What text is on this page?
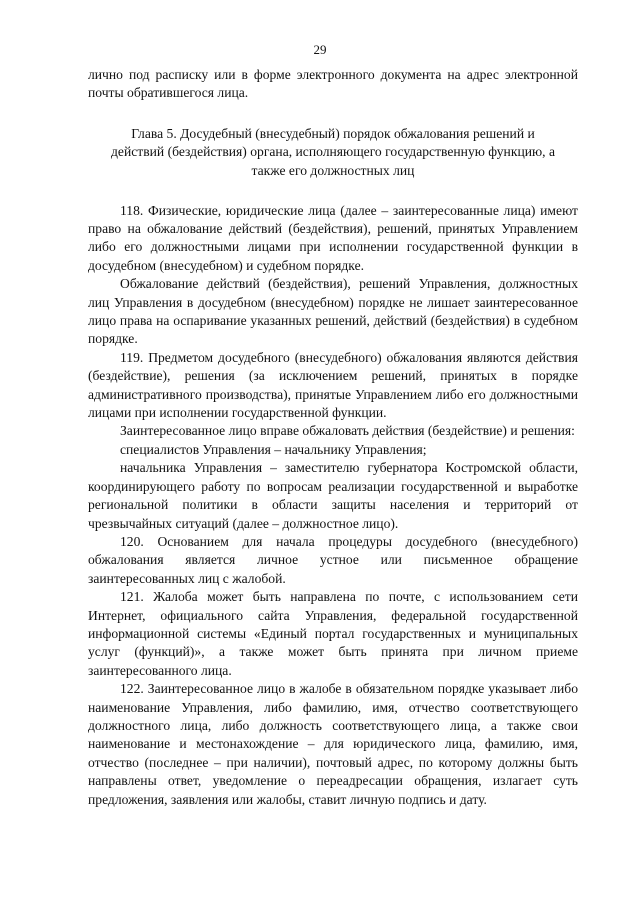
29

лично под расписку или в форме электронного документа на адрес электронной почты обратившегося лица.

Глава 5. Досудебный (внесудебный) порядок обжалования решений и действий (бездействия) органа, исполняющего государственную функцию, а также его должностных лиц

118. Физические, юридические лица (далее – заинтересованные лица) имеют право на обжалование действий (бездействия), решений, принятых Управлением либо его должностными лицами при исполнении государственной функции в досудебном (внесудебном) и судебном порядке.

Обжалование действий (бездействия), решений Управления, должностных лиц Управления в досудебном (внесудебном) порядке не лишает заинтересованное лицо права на оспаривание указанных решений, действий (бездействия) в судебном порядке.

119. Предметом досудебного (внесудебного) обжалования являются действия (бездействие), решения (за исключением решений, принятых в порядке административного производства), принятые Управлением либо его должностными лицами при исполнении государственной функции.

Заинтересованное лицо вправе обжаловать действия (бездействие) и решения:

специалистов Управления – начальнику Управления;

начальника Управления – заместителю губернатора Костромской области, координирующего работу по вопросам реализации государственной и выработке региональной политики в области защиты населения и территорий от чрезвычайных ситуаций (далее – должностное лицо).

120. Основанием для начала процедуры досудебного (внесудебного) обжалования является личное устное или письменное обращение заинтересованных лиц с жалобой.

121. Жалоба может быть направлена по почте, с использованием сети Интернет, официального сайта Управления, федеральной государственной информационной системы «Единый портал государственных и муниципальных услуг (функций)», а также может быть принята при личном приеме заинтересованного лица.

122. Заинтересованное лицо в жалобе в обязательном порядке указывает либо наименование Управления, либо фамилию, имя, отчество соответствующего должностного лица, либо должность соответствующего лица, а также свои наименование и местонахождение – для юридического лица, фамилию, имя, отчество (последнее – при наличии), почтовый адрес, по которому должны быть направлены ответ, уведомление о переадресации обращения, излагает суть предложения, заявления или жалобы, ставит личную подпись и дату.
